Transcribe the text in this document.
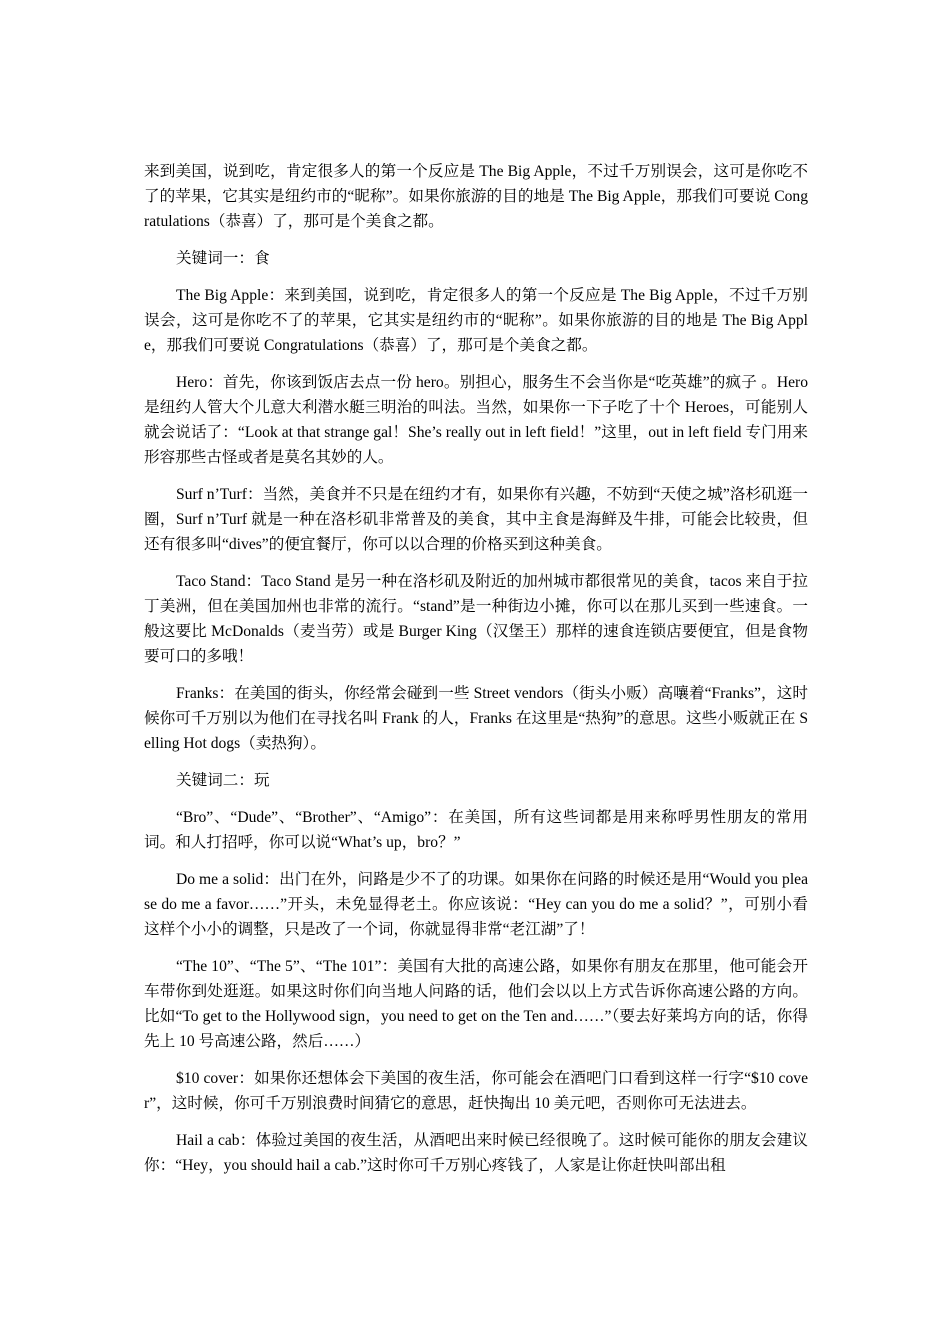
来到美国，说到吃，肯定很多人的第一个反应是 The Big Apple，不过千万别误会，这可是你吃不了的苹果，它其实是纽约市的“昵称”。如果你旅游的目的地是 The Big Apple，那我们可要说 Congratulations（恭喜）了，那可是个美食之都。

关键词一：食

The Big Apple：来到美国，说到吃，肯定很多人的第一个反应是 The Big Apple，不过千万别误会，这可是你吃不了的苹果，它其实是纽约市的“昵称”。如果你旅游的目的地是 The Big Apple，那我们可要说 Congratulations（恭喜）了，那可是个美食之都。

Hero：首先，你该到饭店去点一份 hero。别担心，服务生不会当你是“吃英雄”的疯子 。Hero 是纽约人管大个儿意大利潜水艇三明治的叫法。当然，如果你一下子吃了十个 Heroes，可能别人就会说话了：“Look at that strange gal！She’s really out in left field！”这里，out in left field 专门用来形容那些古怪或者是莫名其妙的人。

Surf n’Turf：当然，美食并不只是在纽约才有，如果你有兴趣，不妨到“天使之城”洛杉矶逛一圈，Surf n’Turf 就是一种在洛杉矶非常普及的美食，其中主食是海鲜及牛排，可能会比较贵，但还有很多叫“dives”的便宜餐厅，你可以以合理的价格买到这种美食。

Taco Stand：Taco Stand 是另一种在洛杉矶及附近的加州城市都很常见的美食，tacos 来自于拉丁美洲，但在美国加州也非常的流行。“stand”是一种街边小摊，你可以在那儿买到一些速食。一般这要比 McDonalds（麦当劳）或是 Burger King（汉堡王）那样的速食连锁店要便宜，但是食物要可口的多哦！

Franks：在美国的街头，你经常会碰到一些 Street vendors（街头小贩）高嚷着“Franks”，这时候你可千万别以为他们在寻找名叫 Frank 的人，Franks 在这里是“热狗”的意思。这些小贩就正在 Selling Hot dogs（卖热狗）。

关键词二：玩

“Bro”、“Dude”、“Brother”、“Amigo”：在美国，所有这些词都是用来称呼男性朋友的常用词。和人打招呼，你可以说“What’s up，bro？”

Do me a solid：出门在外，问路是少不了的功课。如果你在问路的时候还是用“Would you please do me a favor……”开头，未免显得老土。你应该说：“Hey can you do me a solid？”，可别小看这样个小小的调整，只是改了一个词，你就显得非常“老江湖”了！

“The 10”、“The 5”、“The 101”：美国有大批的高速公路，如果你有朋友在那里，他可能会开车带你到处逛逛。如果这时你们向当地人问路的话，他们会以以上方式告诉你高速公路的方向。比如“To get to the Hollywood sign，you need to get on the Ten and……”（要去好莱坞方向的话，你得先上 10 号高速公路，然后……）

$10 cover：如果你还想体会下美国的夜生活，你可能会在酒吧门口看到这样一行字“$10 cover”，这时候，你可千万别浪费时间猜它的意思，赶快掏出 10 美元吧，否则你可无法进去。

Hail a cab：体验过美国的夜生活，从酒吧出来时候已经很晚了。这时候可能你的朋友会建议你：“Hey，you should hail a cab.”这时你可千万别心疼钱了，人家是让你赶快叫部出租
